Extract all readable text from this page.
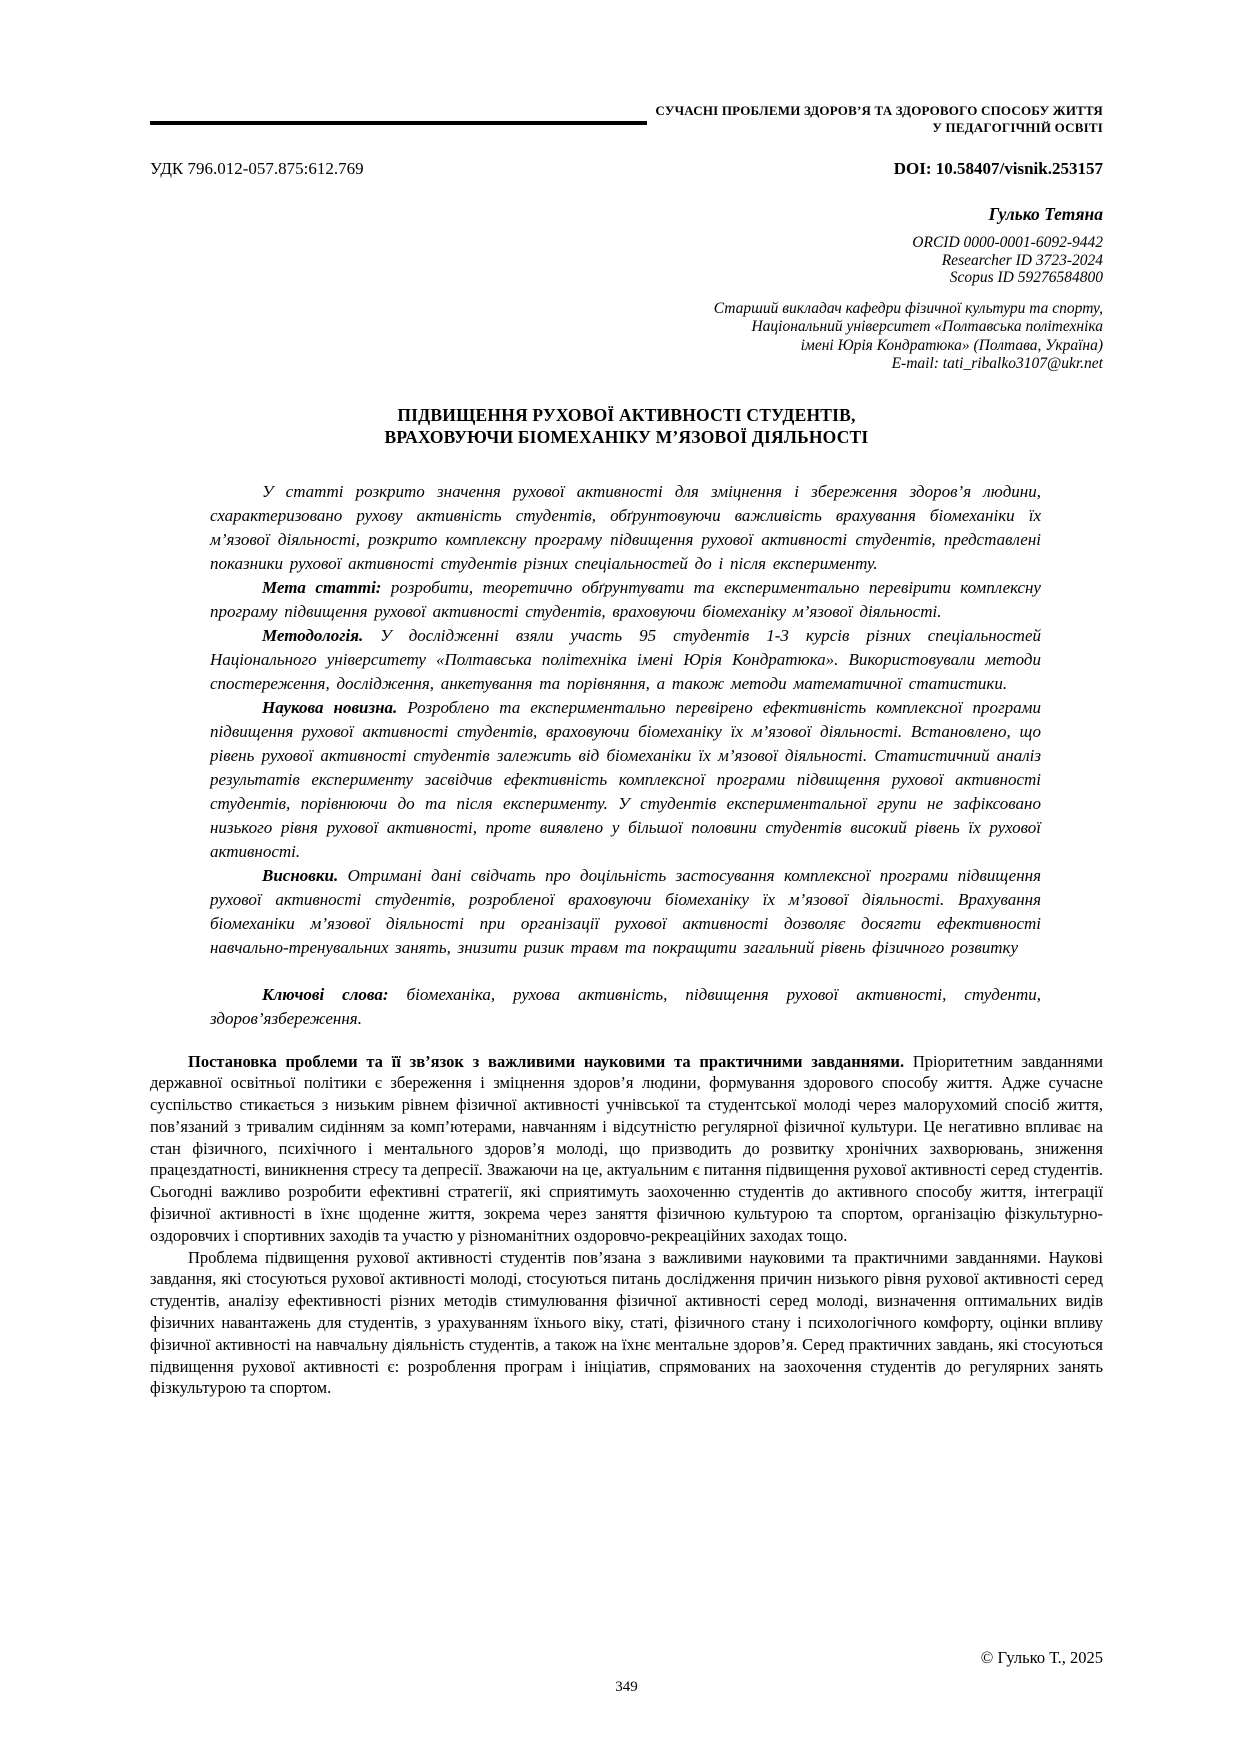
СУЧАСНІ ПРОБЛЕМИ ЗДОРОВ’Я ТА ЗДОРОВОГО СПОСОБУ ЖИТТЯ
У ПЕДАГОГІЧНІЙ ОСВІТІ
УДК 796.012-057.875:612.769	DOI: 10.58407/visnik.253157
Гулько Тетяна
ORCID 0000-0001-6092-9442
Researcher ID 3723-2024
Scopus ID 59276584800
Старший викладач кафедри фізичної культури та спорту,
Національний університет «Полтавська політехніка
імені Юрія Кондратюка» (Полтава, Україна)
E-mail: tati_ribalko3107@ukr.net
ПІДВИЩЕННЯ РУХОВОЇ АКТИВНОСТІ СТУДЕНТІВ,
ВРАХОВУЮЧИ БІОМЕХАНІКУ М’ЯЗОВОЇ ДІЯЛЬНОСТІ

У статті розкрито значення рухової активності для зміцнення і збереження здоров’я людини, схарактеризовано рухову активність студентів, обґрунтовуючи важливість врахування біомеханіки їх м’язової діяльності, розкрито комплексну програму підвищення рухової активності студентів, представлені показники рухової активності студентів різних спеціальностей до і після експерименту.

Мета статті: розробити, теоретично обґрунтувати та експериментально перевірити комплексну програму підвищення рухової активності студентів, враховуючи біомеханіку м’язової діяльності.

Методологія. У дослідженні взяли участь 95 студентів 1-3 курсів різних спеціальностей Національного університету «Полтавська політехніка імені Юрія Кондратюка». Використовували методи спостереження, дослідження, анкетування та порівняння, а також методи математичної статистики.

Наукова новизна. Розроблено та експериментально перевірено ефективність комплексної програми підвищення рухової активності студентів, враховуючи біомеханіку їх м’язової діяльності. Встановлено, що рівень рухової активності студентів залежить від біомеханіки їх м’язової діяльності. Статистичний аналіз результатів експерименту засвідчив ефективність комплексної програми підвищення рухової активності студентів, порівнюючи до та після експерименту. У студентів експериментальної групи не зафіксовано низького рівня рухової активності, проте виявлено у більшої половини студентів високий рівень їх рухової активності.

Висновки. Отримані дані свідчать про доцільність застосування комплексної програми підвищення рухової активності студентів, розробленої враховуючи біомеханіку їх м’язової діяльності. Врахування біомеханіки м’язової діяльності при організації рухової активності дозволяє досягти ефективності навчально-тренувальних занять, знизити ризик травм та покращити загальний рівень фізичного розвитку

Ключові слова: біомеханіка, рухова активність, підвищення рухової активності, студенти, здоров’язбереження.

Постановка проблеми та її зв’язок з важливими науковими та практичними завданнями. Пріоритетним завданнями державної освітньої політики є збереження і зміцнення здоров’я людини, формування здорового способу життя. Адже сучасне суспільство стикається з низьким рівнем фізичної активності учнівської та студентської молоді через малорухомий спосіб життя, пов’язаний з тривалим сидінням за комп’ютерами, навчанням і відсутністю регулярної фізичної культури. Це негативно впливає на стан фізичного, психічного і ментального здоров’я молоді, що призводить до розвитку хронічних захворювань, зниження працездатності, виникнення стресу та депресії. Зважаючи на це, актуальним є питання підвищення рухової активності серед студентів. Сьогодні важливо розробити ефективні стратегії, які сприятимуть заохоченню студентів до активного способу життя, інтеграції фізичної активності в їхнє щоденне життя, зокрема через заняття фізичною культурою та спортом, організацію фізкультурно-оздоровчих і спортивних заходів та участю у різноманітних оздоровчо-рекреаційних заходах тощо.

Проблема підвищення рухової активності студентів пов’язана з важливими науковими та практичними завданнями. Наукові завдання, які стосуються рухової активності молоді, стосуються питань дослідження причин низького рівня рухової активності серед студентів, аналізу ефективності різних методів стимулювання фізичної активності серед молоді, визначення оптимальних видів фізичних навантажень для студентів, з урахуванням їхнього віку, статі, фізичного стану і психологічного комфорту, оцінки впливу фізичної активності на навчальну діяльність студентів, а також на їхнє ментальне здоров’я. Серед практичних завдань, які стосуються підвищення рухової активності є: розроблення програм і ініціатив, спрямованих на заохочення студентів до регулярних занять фізкультурою та спортом.

© Гулько Т., 2025
349
